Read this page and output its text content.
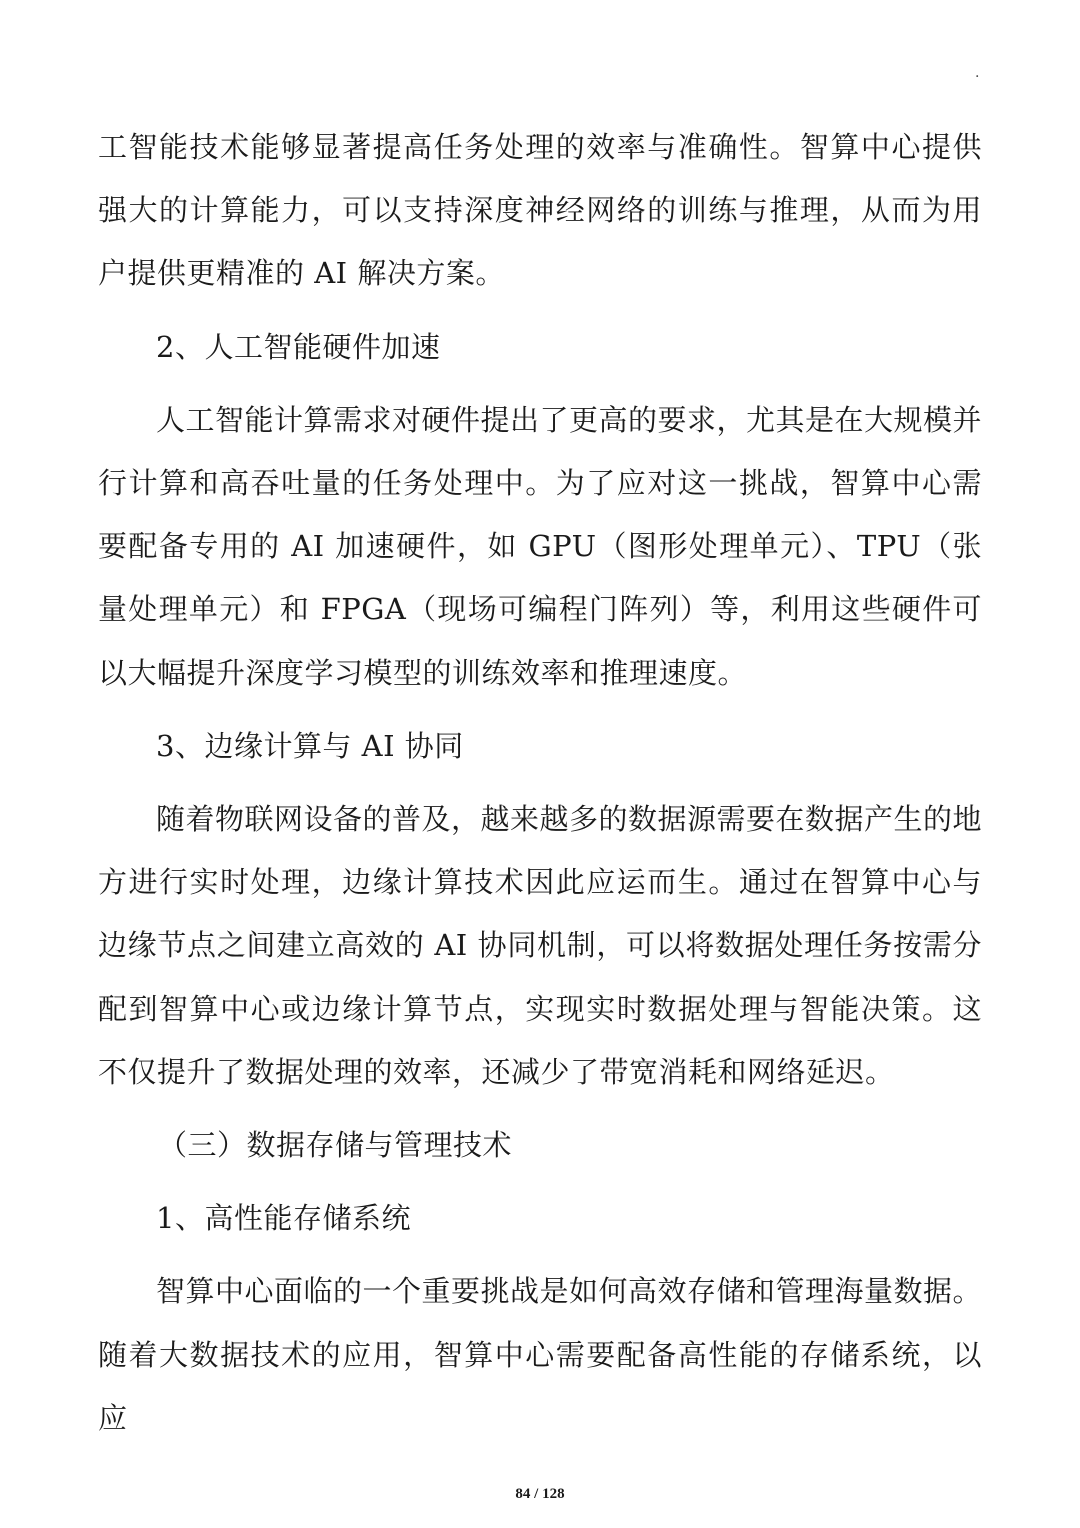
·

工智能技术能够显著提高任务处理的效率与准确性。智算中心提供强大的计算能力，可以支持深度神经网络的训练与推理，从而为用户提供更精准的 AI 解决方案。

2、人工智能硬件加速

人工智能计算需求对硬件提出了更高的要求，尤其是在大规模并行计算和高吞吐量的任务处理中。为了应对这一挑战，智算中心需要配备专用的 AI 加速硬件，如 GPU（图形处理单元）、TPU（张量处理单元）和 FPGA（现场可编程门阵列）等，利用这些硬件可以大幅提升深度学习模型的训练效率和推理速度。

3、边缘计算与 AI 协同

随着物联网设备的普及，越来越多的数据源需要在数据产生的地方进行实时处理，边缘计算技术因此应运而生。通过在智算中心与边缘节点之间建立高效的 AI 协同机制，可以将数据处理任务按需分配到智算中心或边缘计算节点，实现实时数据处理与智能决策。这不仅提升了数据处理的效率，还减少了带宽消耗和网络延迟。

（三）数据存储与管理技术
1、高性能存储系统

智算中心面临的一个重要挑战是如何高效存储和管理海量数据。随着大数据技术的应用，智算中心需要配备高性能的存储系统，以应

84 / 128
